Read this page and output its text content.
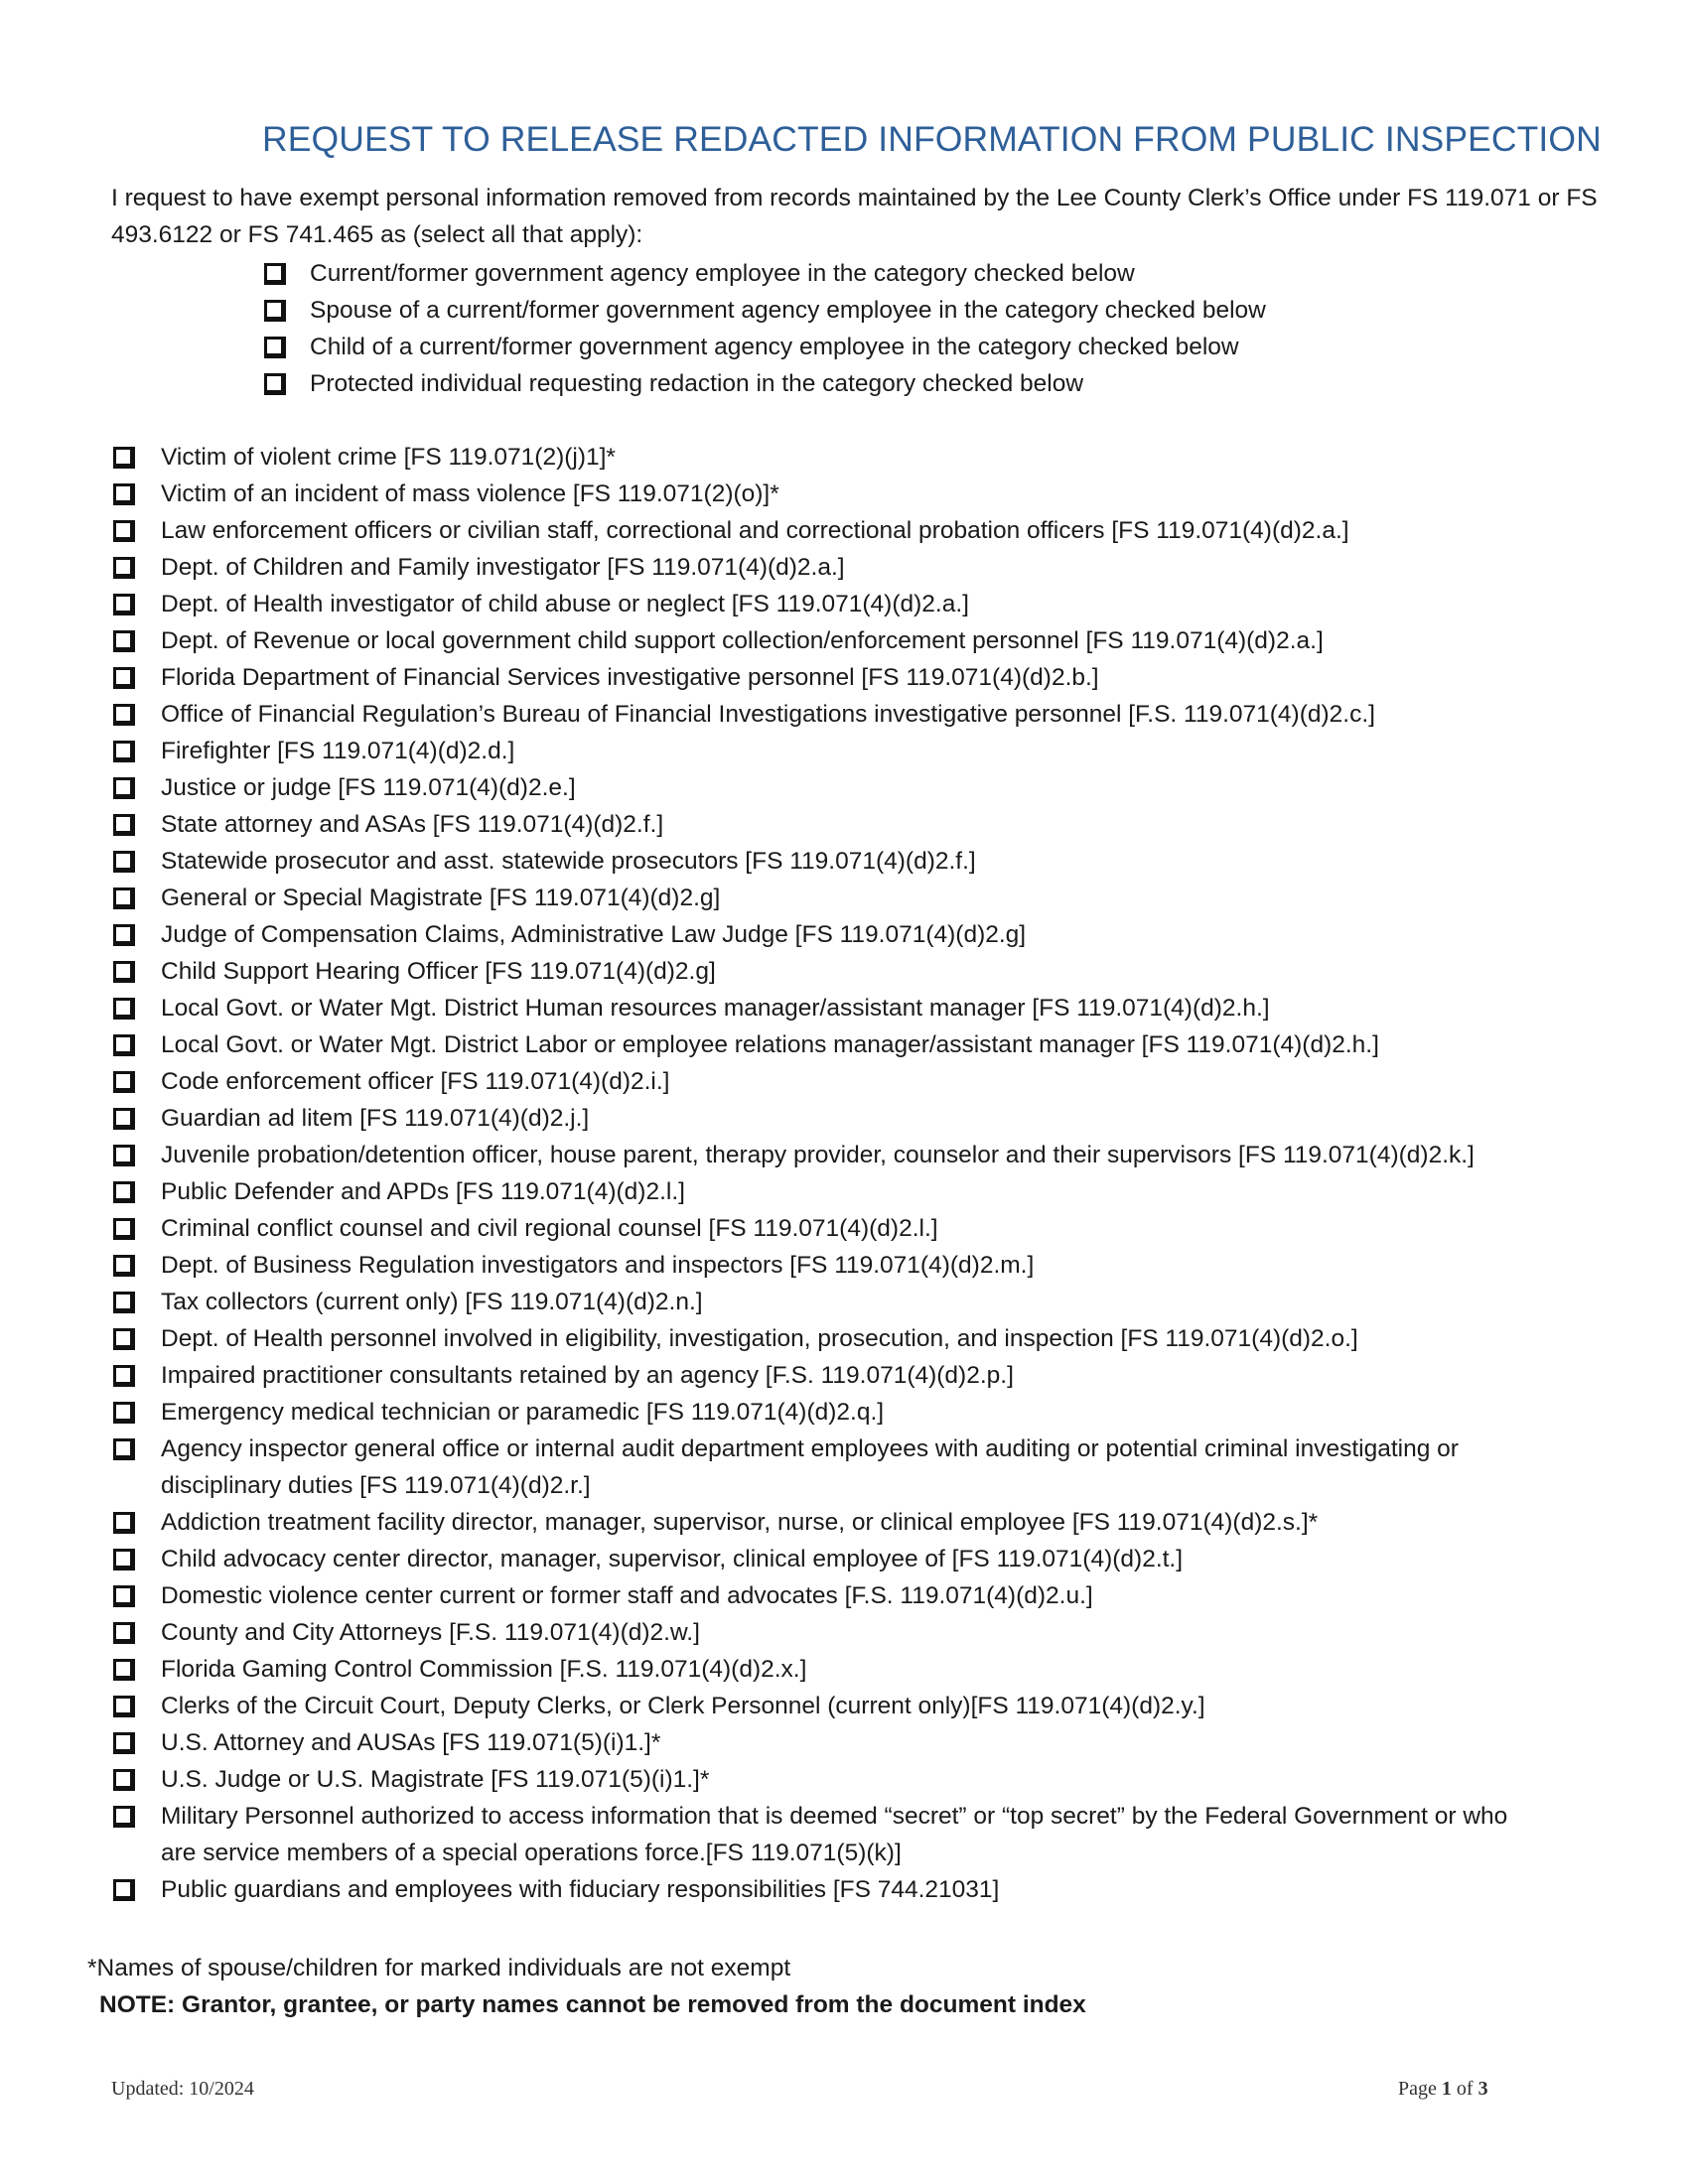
REQUEST TO RELEASE REDACTED INFORMATION FROM PUBLIC INSPECTION

I request to have exempt personal information removed from records maintained by the Lee County Clerk’s Office under FS 119.071 or FS 493.6122 or FS 741.465 as (select all that apply):

Current/former government agency employee in the category checked below
Spouse of a current/former government agency employee in the category checked below
Child of a current/former government agency employee in the category checked below
Protected individual requesting redaction in the category checked below
Victim of violent crime [FS 119.071(2)(j)1]*
Victim of an incident of mass violence [FS 119.071(2)(o)]*
Law enforcement officers or civilian staff, correctional and correctional probation officers [FS 119.071(4)(d)2.a.]
Dept. of Children and Family investigator [FS 119.071(4)(d)2.a.]
Dept. of Health investigator of child abuse or neglect [FS 119.071(4)(d)2.a.]
Dept. of Revenue or local government child support collection/enforcement personnel [FS 119.071(4)(d)2.a.]
Florida Department of Financial Services investigative personnel [FS 119.071(4)(d)2.b.]
Office of Financial Regulation’s Bureau of Financial Investigations investigative personnel [F.S. 119.071(4)(d)2.c.]
Firefighter [FS 119.071(4)(d)2.d.]
Justice or judge [FS 119.071(4)(d)2.e.]
State attorney and ASAs [FS 119.071(4)(d)2.f.]
Statewide prosecutor and asst. statewide prosecutors [FS 119.071(4)(d)2.f.]
General or Special Magistrate [FS 119.071(4)(d)2.g]
Judge of Compensation Claims, Administrative Law Judge [FS 119.071(4)(d)2.g]
Child Support Hearing Officer [FS 119.071(4)(d)2.g]
Local Govt. or Water Mgt. District Human resources manager/assistant manager [FS 119.071(4)(d)2.h.]
Local Govt. or Water Mgt. District Labor or employee relations manager/assistant manager [FS 119.071(4)(d)2.h.]
Code enforcement officer [FS 119.071(4)(d)2.i.]
Guardian ad litem [FS 119.071(4)(d)2.j.]
Juvenile probation/detention officer, house parent, therapy provider, counselor and their supervisors [FS 119.071(4)(d)2.k.]
Public Defender and APDs [FS 119.071(4)(d)2.l.]
Criminal conflict counsel and civil regional counsel [FS 119.071(4)(d)2.l.]
Dept. of Business Regulation investigators and inspectors [FS 119.071(4)(d)2.m.]
Tax collectors (current only) [FS 119.071(4)(d)2.n.]
Dept. of Health personnel involved in eligibility, investigation, prosecution, and inspection [FS 119.071(4)(d)2.o.]
Impaired practitioner consultants retained by an agency [F.S. 119.071(4)(d)2.p.]
Emergency medical technician or paramedic [FS 119.071(4)(d)2.q.]
Agency inspector general office or internal audit department employees with auditing or potential criminal investigating or disciplinary duties [FS 119.071(4)(d)2.r.]
Addiction treatment facility director, manager, supervisor, nurse, or clinical employee [FS 119.071(4)(d)2.s.]*
Child advocacy center director, manager, supervisor, clinical employee of [FS 119.071(4)(d)2.t.]
Domestic violence center current or former staff and advocates [F.S. 119.071(4)(d)2.u.]
County and City Attorneys [F.S. 119.071(4)(d)2.w.]
Florida Gaming Control Commission [F.S. 119.071(4)(d)2.x.]
Clerks of the Circuit Court, Deputy Clerks, or Clerk Personnel (current only)[FS 119.071(4)(d)2.y.]
U.S. Attorney and AUSAs [FS 119.071(5)(i)1.]*
U.S. Judge or U.S. Magistrate [FS 119.071(5)(i)1.]*
Military Personnel authorized to access information that is deemed “secret” or “top secret” by the Federal Government or who are service members of a special operations force.[FS 119.071(5)(k)]
Public guardians and employees with fiduciary responsibilities [FS 744.21031]

*Names of spouse/children for marked individuals are not exempt

NOTE: Grantor, grantee, or party names cannot be removed from the document index

Updated: 10/2024	Page 1 of 3
